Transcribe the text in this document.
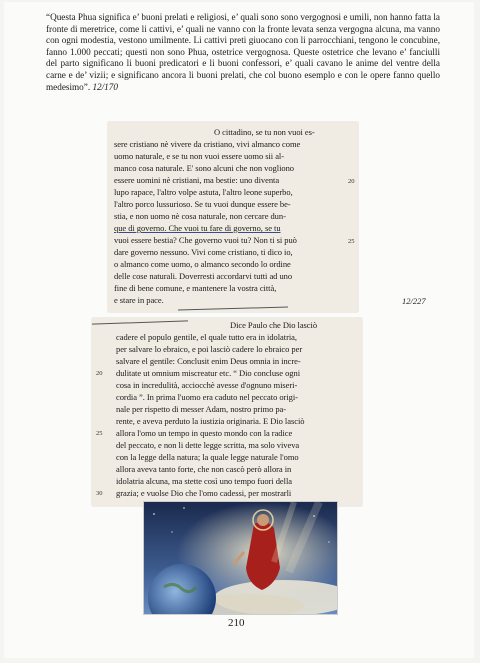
“Questa Phua significa e’ buoni prelati e religiosi, e’ quali sono sono vergognosi e umili, non hanno fatta la fronte di meretrice, come li cattivi, e’ quali ne vanno con la fronte levata senza vergogna alcuna, ma vanno con ogni modestia, vestono umilmente. Li cattivi preti giuocano con li parrocchiani, tengono le concubine, fanno 1.000 peccati; questi non sono Phua, ostetrice vergognosa. Queste ostetrice che levano e’ fanciulli del parto significano li buoni predicatori e li buoni confessori, e’ quali cavano le anime del ventre della carne e de’ vizii; e significano ancora li buoni prelati, che col buono esemplo e con le opere fanno quello medesimo”. 12/170

O cittadino, se tu non vuoi es-
sere cristiano nè vivere da cristiano, vivi almanco come
uomo naturale, e se tu non vuoi essere uomo sii al-
manco cosa naturale. E' sono alcuni che non vogliono
essere uomini nè cristiani, ma bestie: uno diventa
lupo rapace, l'altro volpe astuta, l'altro leone superbo,
l'altro porco lussurioso. Se tu vuoi dunque essere be-
stia, e non uomo nè cosa naturale, non cercare dun-
que di governo. Che vuoi tu fare di governo, se tu
vuoi essere bestia? Che governo vuoi tu? Non ti si può
dare governo nessuno. Vivi come cristiano, ti dico io,
o almanco come uomo, o almanco secondo lo ordine
delle cose naturali. Doverresti accordarvi tutti ad uno
fine di bene comune, e mantenere la vostra città,
e stare in pace.
20
25
12/227
Dice Paulo che Dio lasciò
cadere el populo gentile, el quale tutto era in idolatria,
per salvare lo ebraico, e poi lasciò cadere lo ebraico per
salvare el gentile: Conclusit enim Deus omnia in incre-
dulitate ut omnium miscreatur etc. “ Dio concluse ogni
cosa in incredulità, acciocchè avesse d'ognuno miseri-
cordia ”. In prima l'uomo era caduto nel peccato origi-
nale per rispetto di messer Adam, nostro primo pa-
rente, e aveva perduto la iustizia originaria. E Dio lasciò
allora l'omo un tempo in questo mondo con la radice
del peccato, e non li dette legge scritta, ma solo viveva
con la legge della natura; la quale legge naturale l'omo
allora aveva tanto forte, che non cascò però allora in
idolatria alcuna, ma stette così uno tempo fuori della
grazia; e vuolse Dio che l'omo cadessi, per mostrarli
20
25
30
210
